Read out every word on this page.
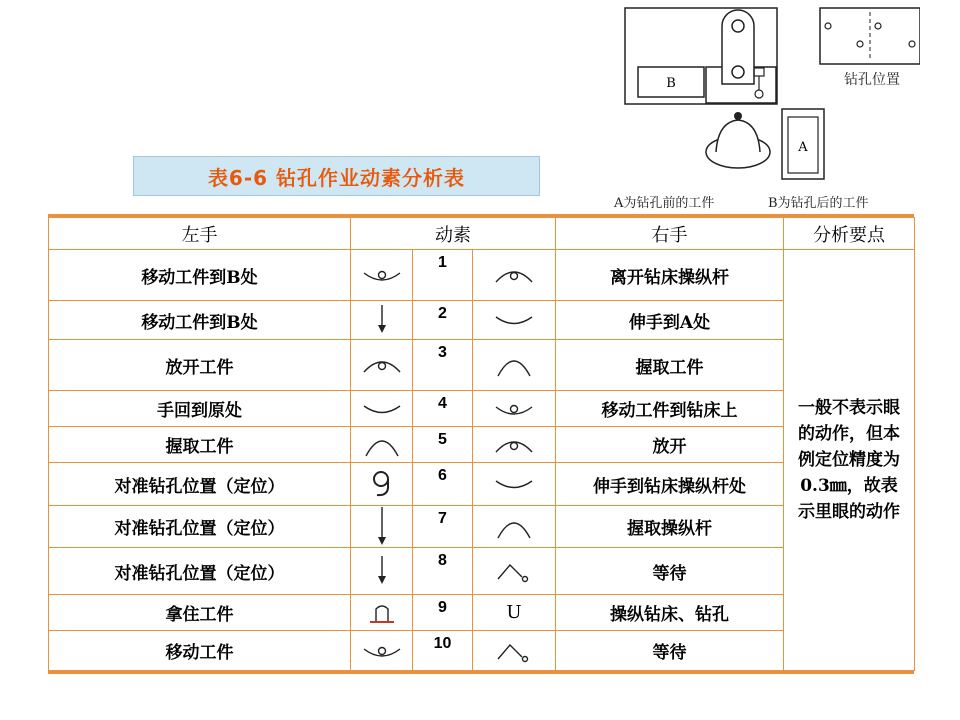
B	钻孔位置
A
A为钻孔前的工件	B为钻孔后的工件
表6-6 钻孔作业动素分析表
左手	动素			右手	分析要点
移动工件到B处		1		离开钻床操纵杆	一般不表示眼的动作，但本例定位精度为0.3㎜，故表示里眼的动作

移动工件到B处		2		伸手到A处	
放开工件		3		握取工件	
手回到原处		4		移动工件到钻床上	
握取工件		5		放开	
对准钻孔位置（定位）		6		伸手到钻床操纵杆处	
对准钻孔位置（定位）		7		握取操纵杆	
对准钻孔位置（定位）		8		等待	
拿住工件		9	U	操纵钻床、钻孔	
移动工件		10		等待	
